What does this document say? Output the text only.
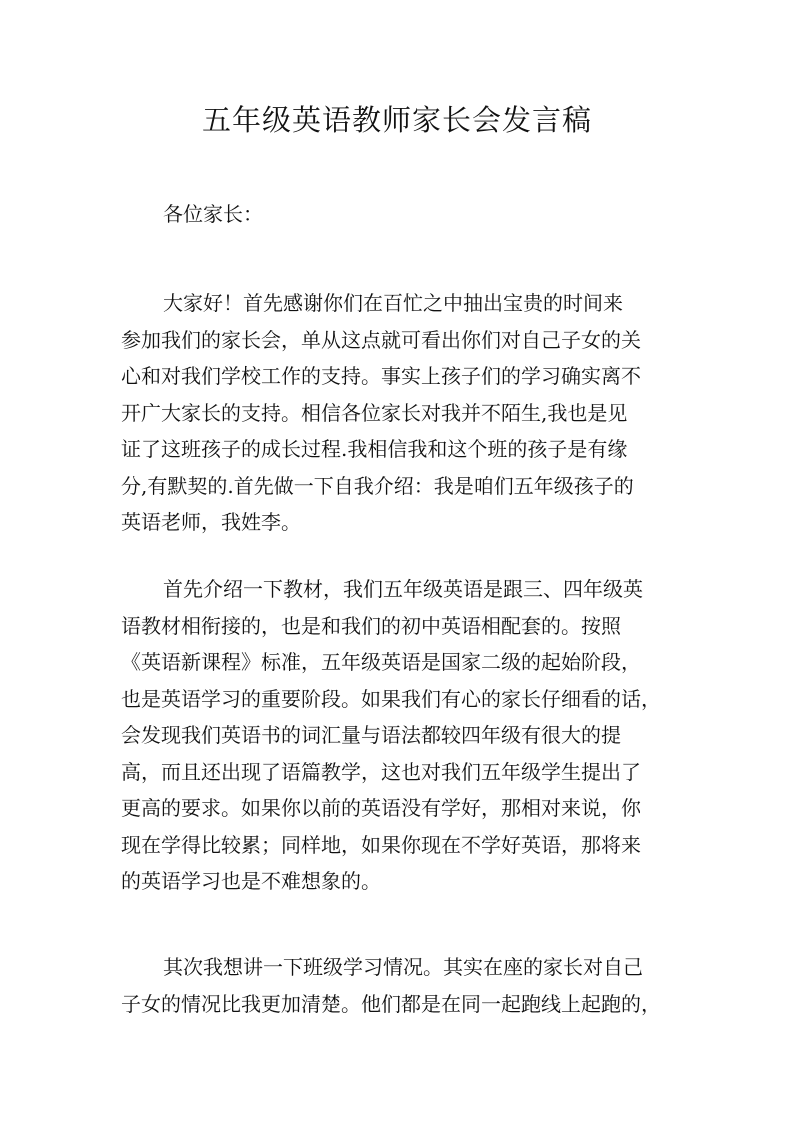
五年级英语教师家长会发言稿

各位家长：

大家好！首先感谢你们在百忙之中抽出宝贵的时间来
参加我们的家长会，单从这点就可看出你们对自己子女的关
心和对我们学校工作的支持。事实上孩子们的学习确实离不
开广大家长的支持。相信各位家长对我并不陌生,我也是见
证了这班孩子的成长过程.我相信我和这个班的孩子是有缘
分,有默契的.首先做一下自我介绍：我是咱们五年级孩子的
英语老师，我姓李。

首先介绍一下教材，我们五年级英语是跟三、四年级英
语教材相衔接的，也是和我们的初中英语相配套的。按照
《英语新课程》标准，五年级英语是国家二级的起始阶段，
也是英语学习的重要阶段。如果我们有心的家长仔细看的话，
会发现我们英语书的词汇量与语法都较四年级有很大的提
高，而且还出现了语篇教学，这也对我们五年级学生提出了
更高的要求。如果你以前的英语没有学好，那相对来说，你
现在学得比较累；同样地，如果你现在不学好英语，那将来
的英语学习也是不难想象的。

其次我想讲一下班级学习情况。其实在座的家长对自己
子女的情况比我更加清楚。他们都是在同一起跑线上起跑的，
